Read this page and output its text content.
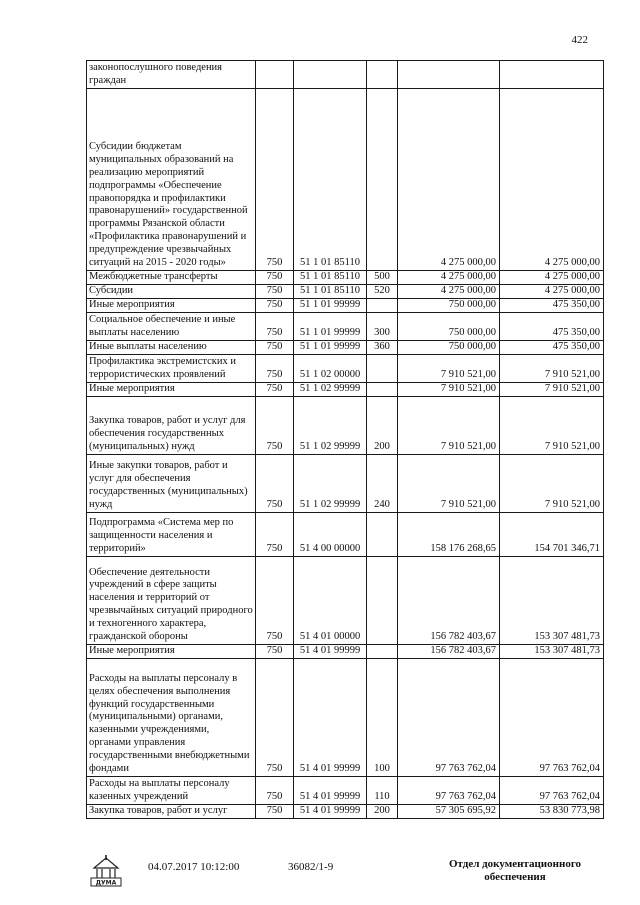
422
законопослушного поведения граждан					
Субсидии бюджетам муниципальных образований на реализацию мероприятий подпрограммы «Обеспечение правопорядка и профилактики правонарушений» государственной программы Рязанской области «Профилактика правонарушений и предупреждение чрезвычайных ситуаций на 2015 - 2020 годы»	750	51 1 01 85110		4 275 000,00	4 275 000,00
Межбюджетные трансферты	750	51 1 01 85110	500	4 275 000,00	4 275 000,00
Субсидии	750	51 1 01 85110	520	4 275 000,00	4 275 000,00
Иные мероприятия	750	51 1 01 99999		750 000,00	475 350,00
Социальное обеспечение и иные выплаты населению	750	51 1 01 99999	300	750 000,00	475 350,00
Иные выплаты населению	750	51 1 01 99999	360	750 000,00	475 350,00
Профилактика экстремистских и террористических проявлений	750	51 1 02 00000		7 910 521,00	7 910 521,00
Иные мероприятия	750	51 1 02 99999		7 910 521,00	7 910 521,00
Закупка товаров, работ и услуг для обеспечения государственных (муниципальных) нужд	750	51 1 02 99999	200	7 910 521,00	7 910 521,00
Иные закупки товаров, работ и услуг для обеспечения государственных (муниципальных) нужд	750	51 1 02 99999	240	7 910 521,00	7 910 521,00
Подпрограмма «Система мер по защищенности населения и территорий»	750	51 4 00 00000		158 176 268,65	154 701 346,71
Обеспечение деятельности учреждений в сфере защиты населения и территорий от чрезвычайных ситуаций природного и техногенного характера, гражданской обороны	750	51 4 01 00000		156 782 403,67	153 307 481,73
Иные мероприятия	750	51 4 01 99999		156 782 403,67	153 307 481,73
Расходы на выплаты персоналу в целях обеспечения выполнения функций государственными (муниципальными) органами, казенными учреждениями, органами управления государственными внебюджетными фондами	750	51 4 01 99999	100	97 763 762,04	97 763 762,04
Расходы на выплаты персоналу казенных учреждений	750	51 4 01 99999	110	97 763 762,04	97 763 762,04
Закупка товаров, работ и услуг	750	51 4 01 99999	200	57 305 695,92	53 830 773,98
ДУМА
04.07.2017 10:12:00	36082/1-9	Отдел документационного
обеспечения
